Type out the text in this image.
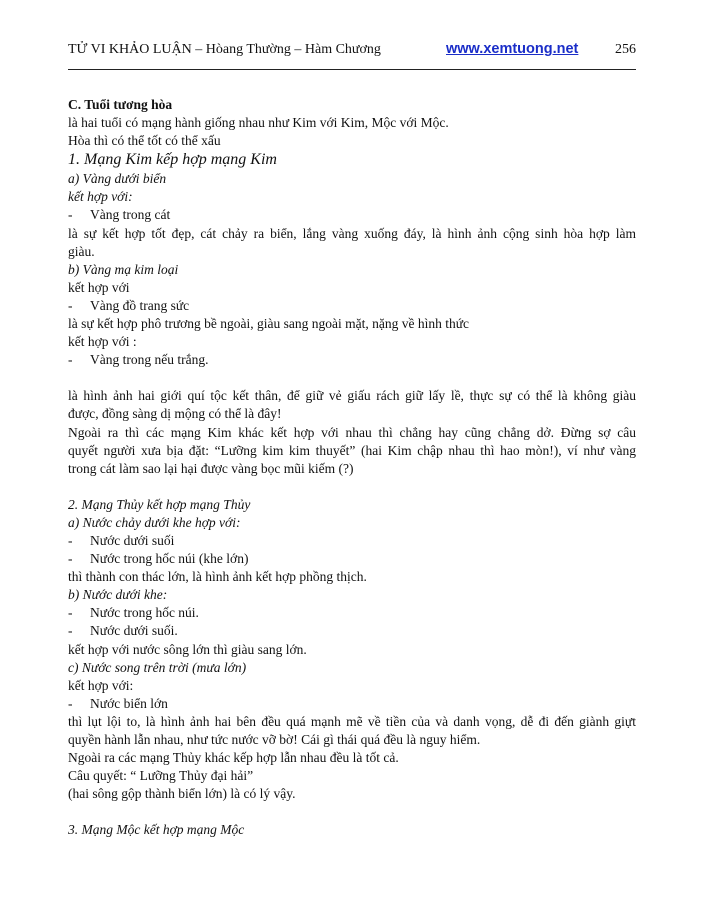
TỬ VI KHẢO LUẬN – Hòang Thường – Hàm Chương	www.xemtuong.net	256

C. Tuổi tương hòa

là hai tuổi có mạng hành giống nhau như Kim với Kim, Mộc với Mộc.

Hòa thì có thể tốt có thể xấu

1. Mạng Kim kếp hợp mạng Kim

a) Vàng dưới biển

kết hợp với:

-	Vàng trong cát

là sự kết hợp tốt đẹp, cát chảy ra biển, lắng vàng xuống đáy, là hình ảnh cộng sinh hòa hợp làm

giàu.

b) Vàng mạ kim loại

kết hợp với

-	Vàng đồ trang sức

là sự kết hợp phô trương bề ngoài, giàu sang ngoài mặt, nặng về hình thức

kết hợp với :

-	Vàng trong nếu trắng.

là hình ảnh hai giới quí tộc kết thân, để giữ vẻ giấu rách giữ lấy lề, thực sự có thể là không giàu

được, đồng sàng dị mộng có thể là đây!

Ngoài ra thì các mạng Kim khác kết hợp với nhau thì chẳng hay cũng chẳng dở. Đừng sợ câu

quyết người xưa bịa đặt: “Lưỡng kim kim thuyết” (hai Kim chập nhau thì hao mòn!), ví như vàng

trong cát làm sao lại hại được vàng bọc mũi kiếm (?)

2. Mạng Thủy kết hợp mạng Thủy

a) Nước chảy dưới khe hợp với:

-	Nước dưới suối
-	Nước trong hốc núi (khe lớn)

thì thành con thác lớn, là hình ảnh kết hợp phồng thịch.

b) Nước dưới khe:

-	Nước trong hốc núi.
-	Nước dưới suối.

kết hợp với nước sông lớn thì giàu sang lớn.

c) Nước song trên trời (mưa lớn)

kết hợp với:

-	Nước biển lớn

thì lụt lội to, là hình ảnh hai bên đều quá mạnh mẽ về tiền của và danh vọng, dễ đi đến giành giựt

quyền hành lẫn nhau, như tức nước vỡ bờ! Cái gì thái quá đều là nguy hiểm.

Ngoài ra các mạng Thủy khác kếp hợp lẫn nhau đều là tốt cả.

Câu quyết: “ Lưỡng Thủy đại hải”

(hai sông gộp thành biển lớn) là có lý vậy.

3. Mạng Mộc kết hợp mạng Mộc
